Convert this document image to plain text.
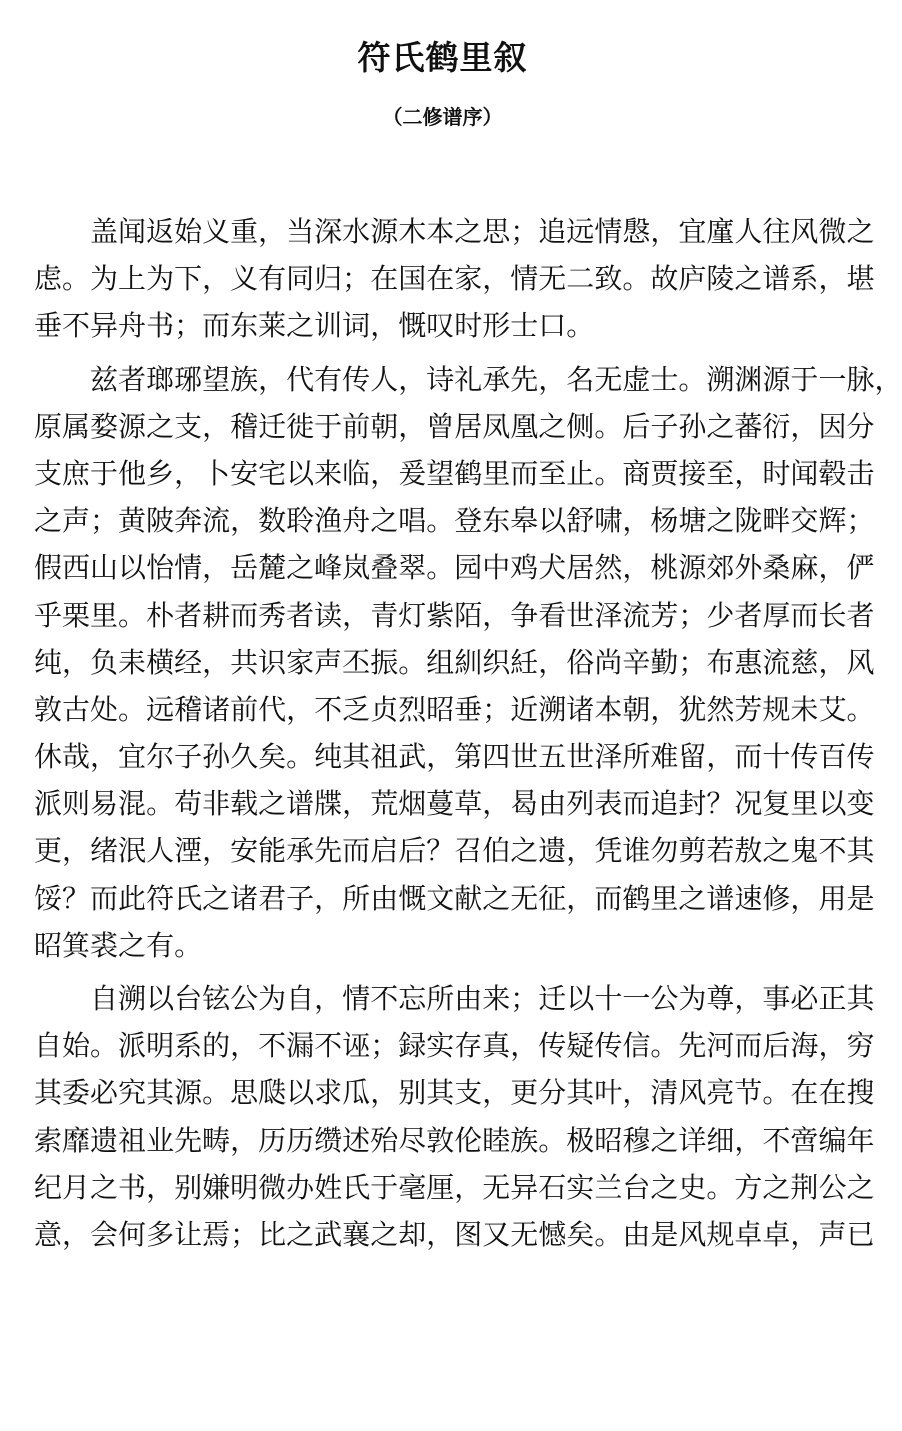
符氏鹤里叙
（二修谱序）

盖 闻 返 始 义 重 ， 当 深 水 源 木 本 之 思 ； 追 远 情 慇 ， 宜 廑 人 往 风 微 之
虑 。 为 上 为 下 ， 义 有 同 归 ； 在 国 在 家 ， 情 无 二 致 。 故 庐 陵 之 谱 系 ， 堪
垂 不 异 舟 书 ； 而 东 莱 之 训 词 ， 慨 叹 时 形 士 口 。

兹 者 瑯 琊 望 族 ， 代 有 传 人 ， 诗 礼 承 先 ， 名 无 虚 士 。 溯 渊 源 于 一 脉 ，
原 属 婺 源 之 支 ， 稽 迁 徙 于 前 朝 ， 曾 居 凤 凰 之 侧 。 后 子 孙 之 蕃 衍 ， 因 分
支 庶 于 他 乡 ， 卜 安 宅 以 来 临 ， 爰 望 鹤 里 而 至 止 。 商 贾 接 至 ， 时 闻 毂 击
之 声 ； 黄 陂 奔 流 ， 数 聆 渔 舟 之 唱 。 登 东 皋 以 舒 啸 ， 杨 塘 之 陇 畔 交 辉 ；
假 西 山 以 怡 情 ， 岳 麓 之 峰 岚 叠 翠 。 园 中 鸡 犬 居 然 ， 桃 源 郊 外 桑 麻 ， 俨
乎 栗 里 。 朴 者 耕 而 秀 者 读 ， 青 灯 紫 陌 ， 争 看 世 泽 流 芳 ； 少 者 厚 而 长 者
纯 ， 负 耒 横 经 ， 共 识 家 声 丕 振 。 组 紃 织 紝 ， 俗 尚 辛 勤 ； 布 惠 流 慈 ， 风
敦 古 处 。 远 稽 诸 前 代 ， 不 乏 贞 烈 昭 垂 ； 近 溯 诸 本 朝 ， 犹 然 芳 规 未 艾 。
休 哉 ， 宜 尔 子 孙 久 矣 。 纯 其 祖 武 ， 第 四 世 五 世 泽 所 难 留 ， 而 十 传 百 传
派 则 易 混 。 苟 非 载 之 谱 牒 ， 荒 烟 蔓 草 ， 曷 由 列 表 而 追 封 ？ 况 复 里 以 变
更 ， 绪 泯 人 湮 ， 安 能 承 先 而 启 后 ？ 召 伯 之 遗 ， 凭 谁 勿 剪 若 敖 之 鬼 不 其
馁 ？ 而 此 符 氏 之 诸 君 子 ， 所 由 慨 文 献 之 无 征 ， 而 鹤 里 之 谱 速 修 ， 用 是
昭 箕 裘 之 有 。

自 溯 以 台 铉 公 为 自 ， 情 不 忘 所 由 来 ； 迁 以 十 一 公 为 尊 ， 事 必 正 其
自 始 。 派 明 系 的 ， 不 漏 不 诬 ； 録 实 存 真 ， 传 疑 传 信 。 先 河 而 后 海 ， 穷
其 委 必 究 其 源 。 思 瓞 以 求 瓜 ， 别 其 支 ， 更 分 其 叶 ， 清 风 亮 节 。 在 在 搜
索 靡 遗 祖 业 先 畴 ， 历 历 缵 述 殆 尽 敦 伦 睦 族 。 极 昭 穆 之 详 细 ， 不 啻 编 年
纪 月 之 书 ， 别 嫌 明 微 办 姓 氏 于 毫 厘 ， 无 异 石 实 兰 台 之 史 。 方 之 荆 公 之
意 ， 会 何 多 让 焉 ； 比 之 武 襄 之 却 ， 图 又 无 憾 矣 。 由 是 风 规 卓 卓 ， 声 已
